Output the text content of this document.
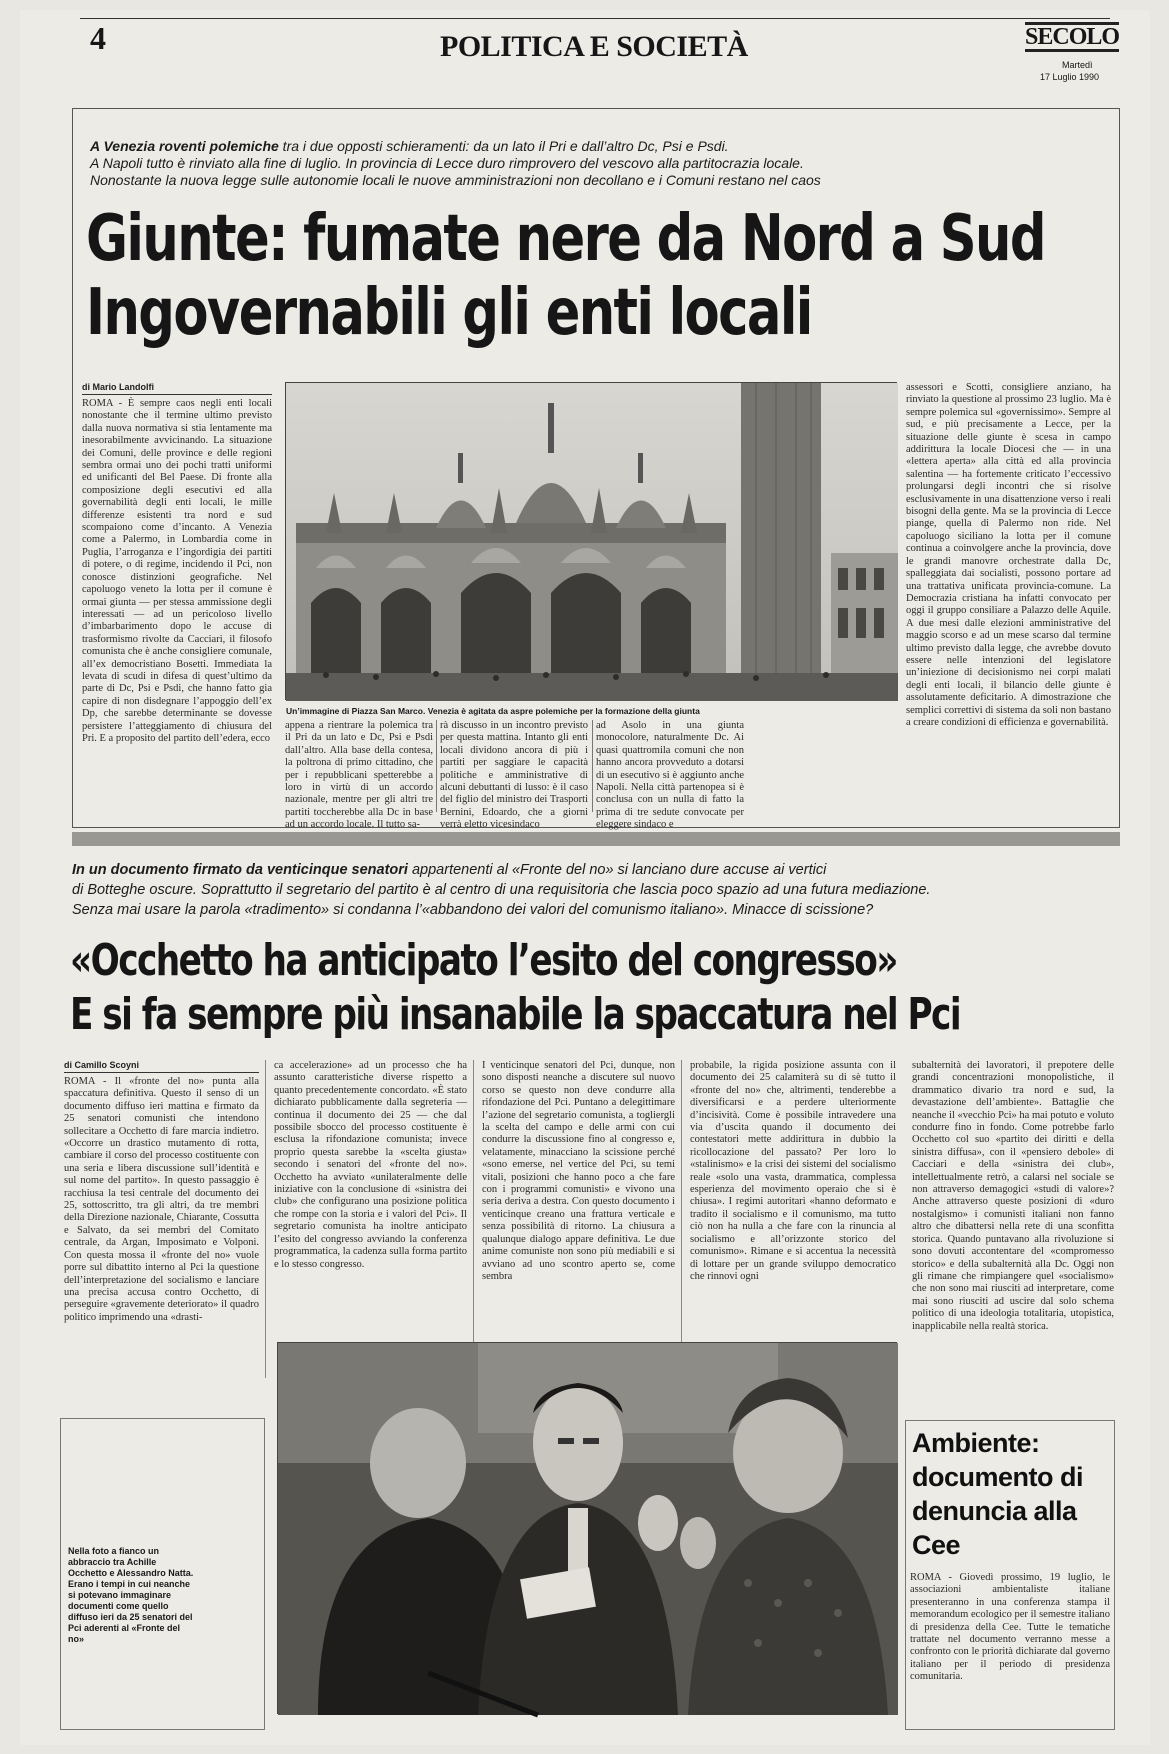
4	POLITICA E SOCIETÀ	SECOLO
Martedì
17 Luglio 1990
A Venezia roventi polemiche tra i due opposti schieramenti: da un lato il Pri e dall’altro Dc, Psi e Psdi.
A Napoli tutto è rinviato alla fine di luglio. In provincia di Lecce duro rimprovero del vescovo alla partitocrazia locale.
Nonostante la nuova legge sulle autonomie locali le nuove amministrazioni non decollano e i Comuni restano nel caos
Giunte: fumate nere da Nord a Sud
Ingovernabili gli enti locali
di Mario Landolfi
ROMA - È sempre caos negli enti locali nonostante che il termine ultimo previsto dalla nuova normativa si stia lentamente ma inesorabilmente avvicinando. La situazione dei Comuni, delle province e delle regioni sembra ormai uno dei pochi tratti uniformi ed unificanti del Bel Paese. Di fronte alla composizione degli esecutivi ed alla governabilità degli enti locali, le mille differenze esistenti tra nord e sud scompaiono come d’incanto. A Venezia come a Palermo, in Lombardia come in Puglia, l’arroganza e l’ingordigia dei partiti di potere, o di regime, incidendo il Pci, non conosce distinzioni geografiche. Nel capoluogo veneto la lotta per il comune è ormai giunta — per stessa ammissione degli interessati — ad un pericoloso livello d’imbarbarimento dopo le accuse di trasformismo rivolte da Cacciari, il filosofo comunista che è anche consigliere comunale, all’ex democristiano Bosetti. Immediata la levata di scudi in difesa di quest’ultimo da parte di Dc, Psi e Psdi, che hanno fatto gia capire di non disdegnare l’appoggio dell’ex Dp, che sarebbe determinante se dovesse persistere l’atteggiamento di chiusura del Pri. E a proposito del partito dell’edera, ecco
Un’immagine di Piazza San Marco. Venezia è agitata da aspre polemiche per la formazione della giunta
appena a rientrare la polemica tra il Pri da un lato e Dc, Psi e Psdi dall’altro. Alla base della contesa, la poltrona di primo cittadino, che per i repubblicani spetterebbe a loro in virtù di un accordo nazionale, mentre per gli altri tre partiti toccherebbe alla Dc in base ad un accordo locale. Il tutto sa-
rà discusso in un incontro previsto per questa mattina. Intanto gli enti locali dividono ancora di più i partiti per saggiare le capacità politiche e amministrative di alcuni debuttanti di lusso: è il caso del figlio del ministro dei Trasporti Bernini, Edoardo, che a giorni verrà eletto vicesindaco
ad Asolo in una giunta monocolore, naturalmente Dc. Ai quasi quattromila comuni che non hanno ancora provveduto a dotarsi di un esecutivo si è aggiunto anche Napoli. Nella città partenopea si è conclusa con un nulla di fatto la prima di tre sedute convocate per eleggere sindaco e
assessori e Scotti, consigliere anziano, ha rinviato la questione al prossimo 23 luglio. Ma è sempre polemica sul «governissimo». Sempre al sud, e più precisamente a Lecce, per la situazione delle giunte è scesa in campo addirittura la locale Diocesi che — in una «lettera aperta» alla città ed alla provincia salentina — ha fortemente criticato l’eccessivo prolungarsi degli incontri che si risolve esclusivamente in una disattenzione verso i reali bisogni della gente. Ma se la provincia di Lecce piange, quella di Palermo non ride. Nel capoluogo siciliano la lotta per il comune continua a coinvolgere anche la provincia, dove le grandi manovre orchestrate dalla Dc, spalleggiata dai socialisti, possono portare ad una trattativa unificata provincia-comune. La Democrazia cristiana ha infatti convocato per oggi il gruppo consiliare a Palazzo delle Aquile. A due mesi dalle elezioni amministrative del maggio scorso e ad un mese scarso dal termine ultimo previsto dalla legge, che avrebbe dovuto essere nelle intenzioni del legislatore un’iniezione di decisionismo nei corpi malati degli enti locali, il bilancio delle giunte è assolutamente deficitario. A dimostrazione che semplici correttivi di sistema da soli non bastano a creare condizioni di efficienza e governabilità.
In un documento firmato da venticinque senatori appartenenti al «Fronte del no» si lanciano dure accuse ai vertici
di Botteghe oscure. Soprattutto il segretario del partito è al centro di una requisitoria che lascia poco spazio ad una futura mediazione.
Senza mai usare la parola «tradimento» si condanna l’«abbandono dei valori del comunismo italiano». Minacce di scissione?
«Occhetto ha anticipato l’esito del congresso»
E si fa sempre più insanabile la spaccatura nel Pci
di Camillo Scoyni
ROMA - Il «fronte del no» punta alla spaccatura definitiva. Questo il senso di un documento diffuso ieri mattina e firmato da 25 senatori comunisti che intendono sollecitare a Occhetto di fare marcia indietro. «Occorre un drastico mutamento di rotta, cambiare il corso del processo costituente con una seria e libera discussione sull’identità e sul nome del partito». In questo passaggio è racchiusa la tesi centrale del documento dei 25, sottoscritto, tra gli altri, da tre membri della Direzione nazionale, Chiarante, Cossutta e Salvato, da sei membri del Comitato centrale, da Argan, Imposimato e Volponi. Con questa mossa il «fronte del no» vuole porre sul dibattito interno al Pci la questione dell’interpretazione del socialismo e lanciare una precisa accusa contro Occhetto, di perseguire «gravemente deteriorato» il quadro politico imprimendo una «drasti-
ca accelerazione» ad un processo che ha assunto caratteristiche diverse rispetto a quanto precedentemente concordato. «È stato dichiarato pubblicamente dalla segreteria — continua il documento dei 25 — che dal possibile sbocco del processo costituente è esclusa la rifondazione comunista; invece proprio questa sarebbe la «scelta giusta» secondo i senatori del «fronte del no». Occhetto ha avviato «unilateralmente delle iniziative con la conclusione di «sinistra dei club» che configurano una posizione politica che rompe con la storia e i valori del Pci». Il segretario comunista ha inoltre anticipato l’esito del congresso avviando la conferenza programmatica, la cadenza sulla forma partito e lo stesso congresso.
I venticinque senatori del Pci, dunque, non sono disposti neanche a discutere sul nuovo corso se questo non deve condurre alla rifondazione del Pci. Puntano a delegittimare l’azione del segretario comunista, a togliergli la scelta del campo e delle armi con cui condurre la discussione fino al congresso e, velatamente, minacciano la scissione perché «sono emerse, nel vertice del Pci, su temi vitali, posizioni che hanno poco a che fare con i programmi comunisti» e vivono una seria deriva a destra. Con questo documento i venticinque creano una frattura verticale e senza possibilità di ritorno. La chiusura a qualunque dialogo appare definitiva. Le due anime comuniste non sono più mediabili e si avviano ad uno scontro aperto se, come sembra
probabile, la rigida posizione assunta con il documento dei 25 calamiterà su di sè tutto il «fronte del no» che, altrimenti, tenderebbe a diversificarsi e a perdere ulteriormente d’incisività. Come è possibile intravedere una via d’uscita quando il documento dei contestatori mette addirittura in dubbio la ricollocazione del passato? Per loro lo «stalinismo» e la crisi dei sistemi del socialismo reale «solo una vasta, drammatica, complessa esperienza del movimento operaio che si è chiusa». I regimi autoritari «hanno deformato e tradito il socialismo e il comunismo, ma tutto ciò non ha nulla a che fare con la rinuncia al socialismo e all’orizzonte storico del comunismo». Rimane e si accentua la necessità di lottare per un grande sviluppo democratico che rinnovi ogni
subalternità dei lavoratori, il prepotere delle grandi concentrazioni monopolistiche, il drammatico divario tra nord e sud, la devastazione dell’ambiente». Battaglie che neanche il «vecchio Pci» ha mai potuto e voluto condurre fino in fondo. Come potrebbe farlo Occhetto col suo «partito dei diritti e della sinistra diffusa», con il «pensiero debole» di Cacciari e della «sinistra dei club», intellettualmente retrò, a calarsi nel sociale se non attraverso demagogici «studi di valore»? Anche attraverso queste posizioni di «duro nostalgismo» i comunisti italiani non fanno altro che dibattersi nella rete di una sconfitta storica. Quando puntavano alla rivoluzione si sono dovuti accontentare del «compromesso storico» e della subalternità alla Dc. Oggi non gli rimane che rimpiangere quel «socialismo» che non sono mai riusciti ad interpretare, come mai sono riusciti ad uscire dal solo schema politico di una ideologia totalitaria, utopistica, inapplicabile nella realtà storica.
Nella foto a fianco un abbraccio tra Achille Occhetto e Alessandro Natta. Erano i tempi in cui neanche si potevano immaginare documenti come quello diffuso ieri da 25 senatori del Pci aderenti al «Fronte del no»
Ambiente: documento di denuncia alla Cee
ROMA - Giovedì prossimo, 19 luglio, le associazioni ambientaliste italiane presenteranno in una conferenza stampa il memorandum ecologico per il semestre italiano di presidenza della Cee. Tutte le tematiche trattate nel documento verranno messe a confronto con le priorità dichiarate dal governo italiano per il periodo di presidenza comunitaria.
